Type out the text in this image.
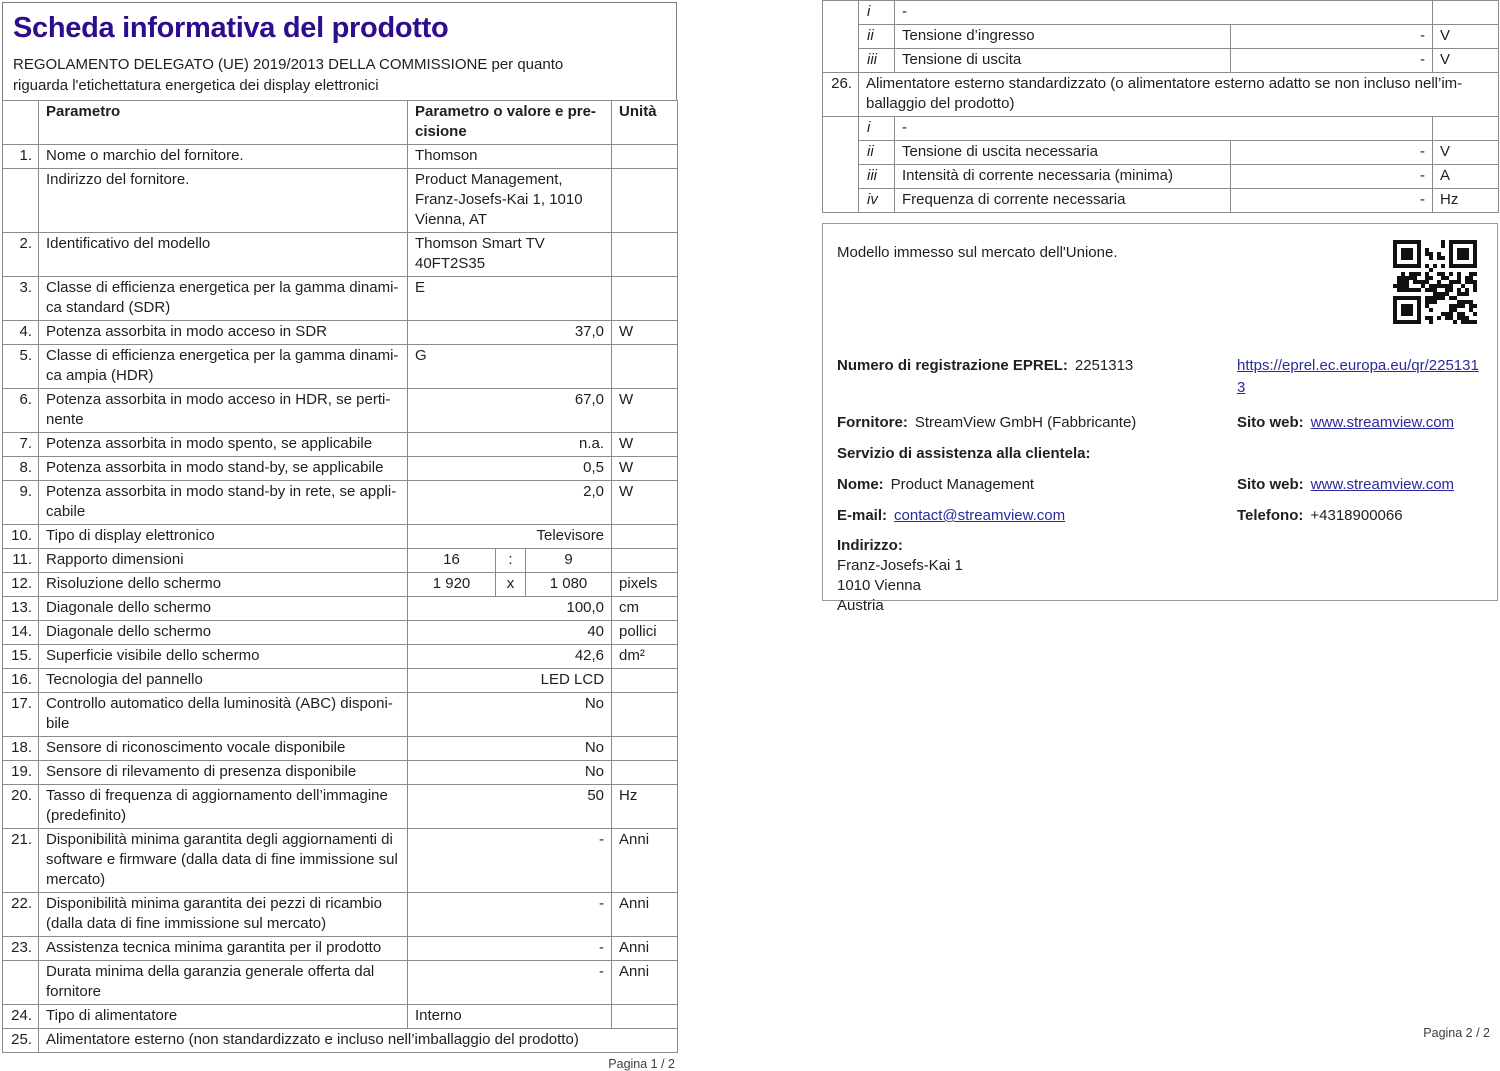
Scheda informativa del prodotto

REGOLAMENTO DELEGATO (UE) 2019/2013 DELLA COMMISSIONE per quanto riguarda l'etichettatura energetica dei display elettronici

	Parametro	Parametro o valore e precisione			Unità
1.	Nome o marchio del fornitore.	Thomson			
	Indirizzo del fornitore.	Product Management, Franz-Josefs-Kai 1, 1010 Vienna, AT			
2.	Identificativo del modello	Thomson Smart TV 40FT2S35			
3.	Classe di efficienza energetica per la gamma dinamica standard (SDR)	E			
4.	Potenza assorbita in modo acceso in SDR	37,0			W
5.	Classe di efficienza energetica per la gamma dinamica ampia (HDR)	G			
6.	Potenza assorbita in modo acceso in HDR, se pertinente	67,0			W
7.	Potenza assorbita in modo spento, se applicabile	n.a.			W
8.	Potenza assorbita in modo stand-by, se applicabile	0,5			W
9.	Potenza assorbita in modo stand-by in rete, se applicabile	2,0			W
10.	Tipo di display elettronico	Televisore			
11.	Rapporto dimensioni	16	:	9	
12.	Risoluzione dello schermo	1 920	x	1 080	pixels
13.	Diagonale dello schermo	100,0			cm
14.	Diagonale dello schermo	40			pollici
15.	Superficie visibile dello schermo	42,6			dm²
16.	Tecnologia del pannello	LED LCD			
17.	Controllo automatico della luminosità (ABC) disponibile	No			
18.	Sensore di riconoscimento vocale disponibile	No			
19.	Sensore di rilevamento di presenza disponibile	No			
20.	Tasso di frequenza di aggiornamento dell’immagine (predefinito)	50			Hz
21.	Disponibilità minima garantita degli aggiornamenti di software e firmware (dalla data di fine immissione sul mercato)	-			Anni
22.	Disponibilità minima garantita dei pezzi di ricambio (dalla data di fine immissione sul mercato)	-			Anni
23.	Assistenza tecnica minima garantita per il prodotto	-			Anni
	Durata minima della garanzia generale offerta dal fornitore	-			Anni
24.	Tipo di alimentatore	Interno			
25.	Alimentatore esterno (non standardizzato e incluso nell’imballaggio del prodotto)				
Pagina 1 / 2
	i	-		
	ii	Tensione d’ingresso	-	V
	iii	Tensione di uscita	-	V
26.	Alimentatore esterno standardizzato (o alimentatore esterno adatto se non incluso nell’imballaggio del prodotto)			
	i	-		
	ii	Tensione di uscita necessaria	-	V
	iii	Intensità di corrente necessaria (minima)	-	A
	iv	Frequenza di corrente necessaria	-	Hz
Modello immesso sul mercato dell'Unione.
Numero di registrazione EPREL: 2251313	https://eprel.ec.europa.eu/qr/2251313
Fornitore: StreamView GmbH (Fabbricante)	Sito web: www.streamview.com
Servizio di assistenza alla clientela:
Nome: Product Management	Sito web: www.streamview.com
E-mail: contact@streamview.com	Telefono: +4318900066
Indirizzo:
Franz-Josefs-Kai 1
1010 Vienna
Austria
Pagina 2 / 2
